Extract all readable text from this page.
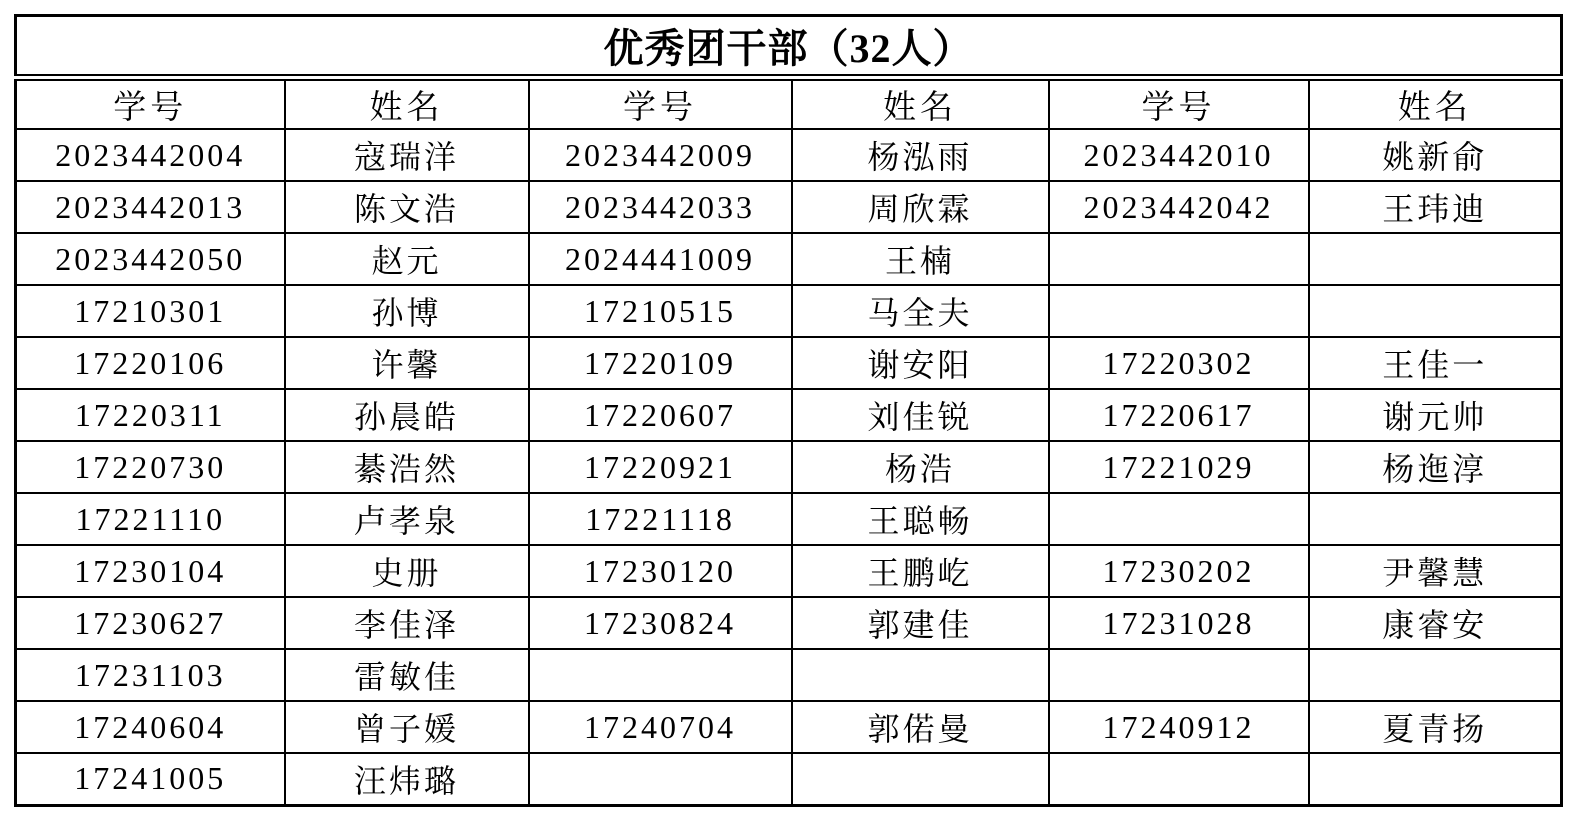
优秀团干部（32人）					
学号	姓名	学号	姓名	学号	姓名
2023442004	寇瑞洋	2023442009	杨泓雨	2023442010	姚新俞
2023442013	陈文浩	2023442033	周欣霖	2023442042	王玮迪
2023442050	赵元	2024441009	王楠		
17210301	孙博	17210515	马全夫		
17220106	许馨	17220109	谢安阳	17220302	王佳一
17220311	孙晨皓	17220607	刘佳锐	17220617	谢元帅
17220730	綦浩然	17220921	杨浩	17221029	杨迤淳
17221110	卢孝泉	17221118	王聪畅		
17230104	史册	17230120	王鹏屹	17230202	尹馨慧
17230627	李佳泽	17230824	郭建佳	17231028	康睿安
17231103	雷敏佳				
17240604	曾子媛	17240704	郭偌曼	17240912	夏青扬
17241005	汪炜璐				
